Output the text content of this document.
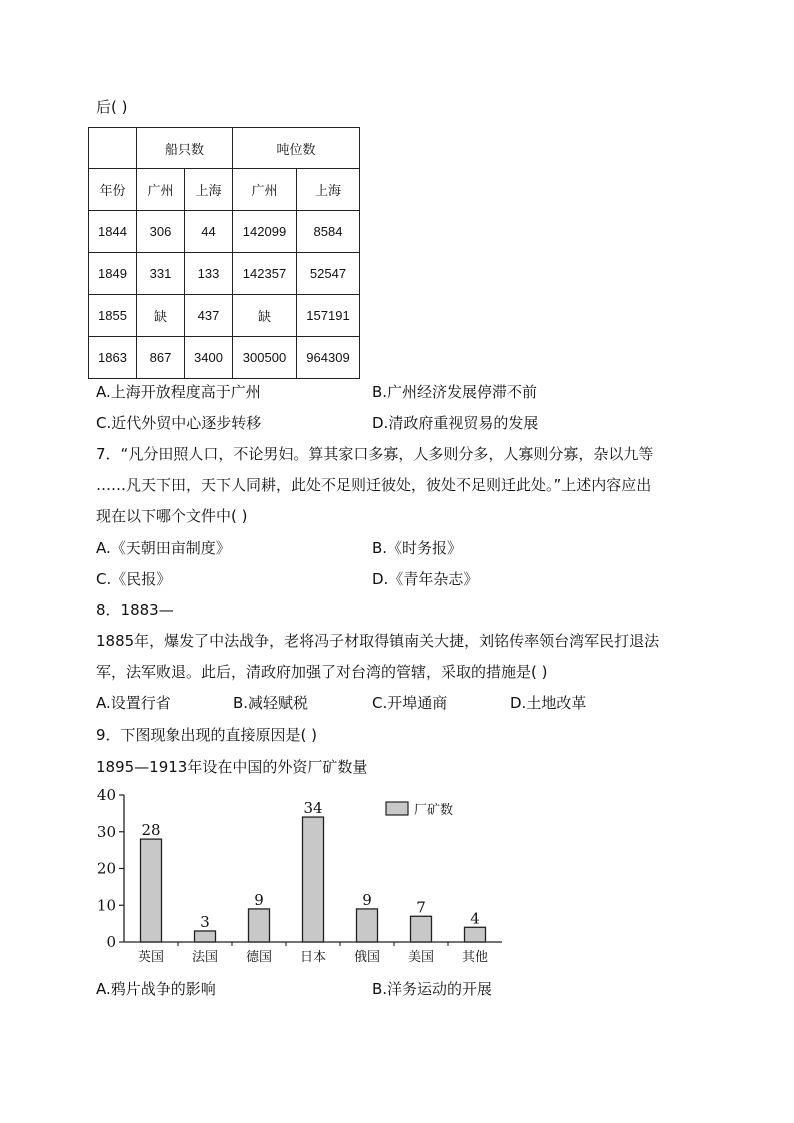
后( )
	船只数		吨位数	
年份	广州	上海	广州	上海
1844	306	44	142099	8584
1849	331	133	142357	52547
1855	缺	437	缺	157191
1863	867	3400	300500	964309
A.上海开放程度高于广州	B.广州经济发展停滞不前
C.近代外贸中心逐步转移	D.清政府重视贸易的发展
7．“凡分田照人口，不论男妇。算其家口多寡，人多则分多，人寡则分寡，杂以九等
……凡天下田，天下人同耕，此处不足则迁彼处，彼处不足则迁此处。”上述内容应出
现在以下哪个文件中( )
A.《天朝田亩制度》	B.《时务报》
C.《民报》	D.《青年杂志》
8．1883—
1885年，爆发了中法战争，老将冯子材取得镇南关大捷，刘铭传率领台湾军民打退法
军，法军败退。此后，清政府加强了对台湾的管辖，采取的措施是( )
A.设置行省	B.减轻赋税	C.开埠通商	D.土地改革
9．下图现象出现的直接原因是( )
1895—1913年设在中国的外资厂矿数量
0
10
20
30
40
英国 法国 德国 日本 俄国 美国 其他
28
3
9
34
9	7
4
厂矿数
A.鸦片战争的影响	B.洋务运动的开展
